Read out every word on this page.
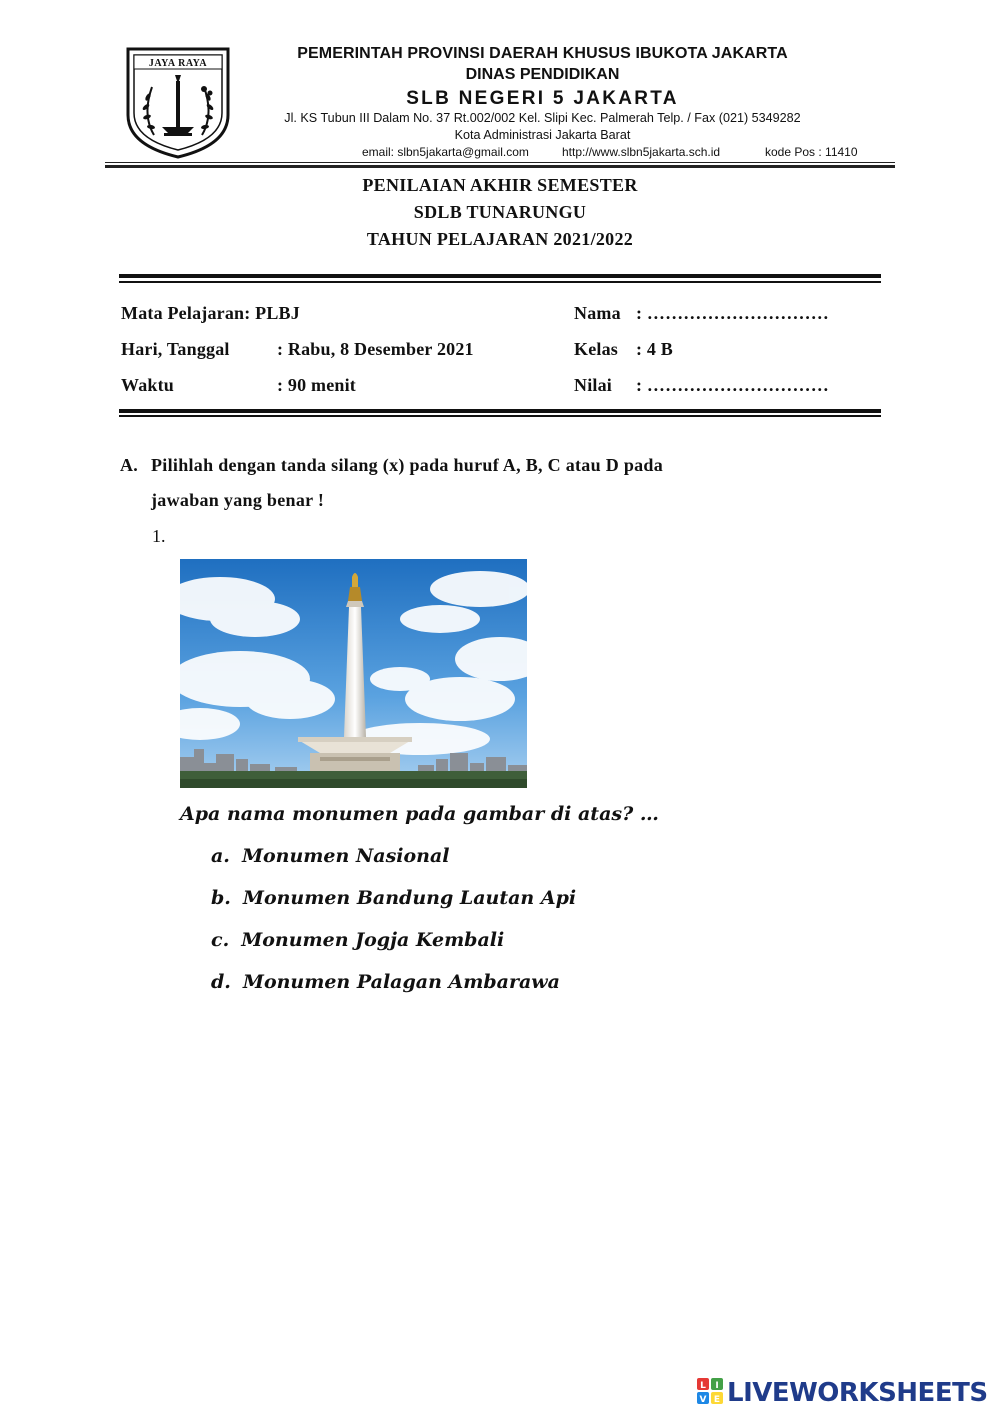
JAYA RAYA
PEMERINTAH PROVINSI DAERAH KHUSUS IBUKOTA JAKARTA
DINAS PENDIDIKAN
SLB NEGERI 5 JAKARTA
Jl. KS Tubun III Dalam No. 37 Rt.002/002 Kel. Slipi Kec. Palmerah Telp. / Fax (021) 5349282
Kota Administrasi Jakarta Barat
email: slbn5jakarta@gmail.com	http://www.slbn5jakarta.sch.id	kode Pos : 11410
PENILAIAN AKHIR SEMESTER
SDLB TUNARUNGU
TAHUN PELAJARAN 2021/2022
Mata Pelajaran: PLBJ
Hari, Tanggal	: Rabu, 8 Desember 2021
Waktu	: 90 menit
Nama : …………………………
Kelas : 4 B
Nilai : …………………………
A. Pilihlah dengan tanda silang (x) pada huruf A, B, C atau D pada
jawaban yang benar !
1.
Apa nama monumen pada gambar di atas? …
a. Monumen Nasional
b. Monumen Bandung Lautan Api
c. Monumen Jogja Kembali
d. Monumen Palagan Ambarawa
L I
V E LIVEWORKSHEETS
